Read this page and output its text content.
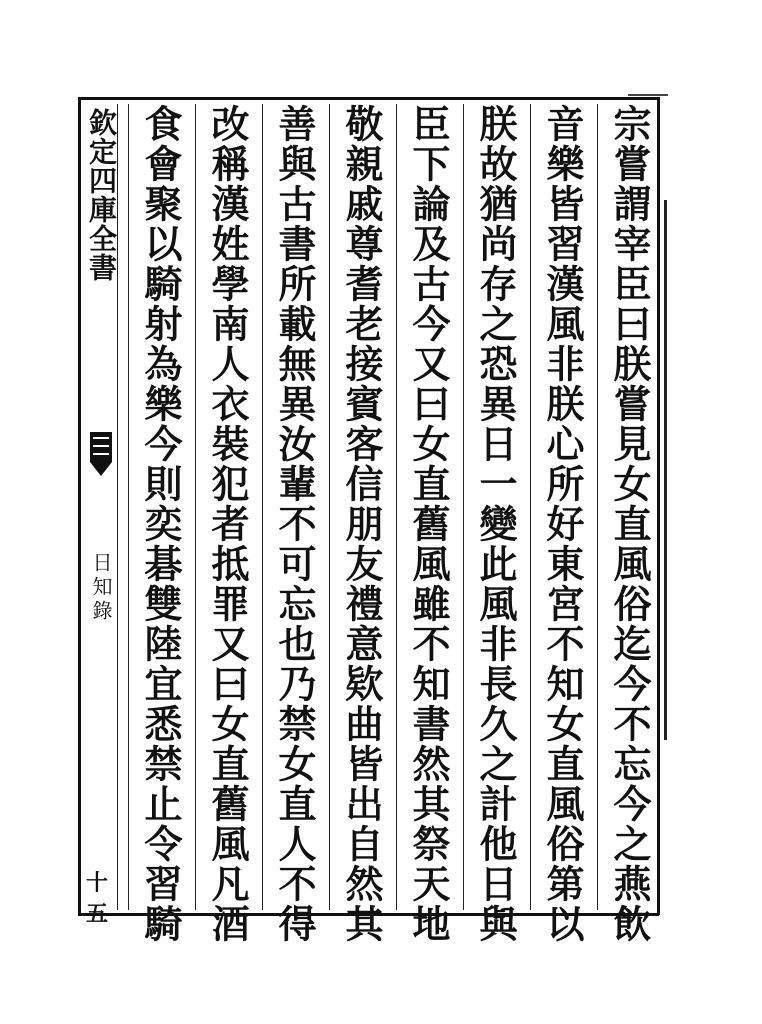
欽定四庫全書
日知錄
十五	宗嘗謂宰臣曰朕嘗見女直風俗迄今不忘今之燕飲
音樂皆習漢風非朕心所好東宮不知女直風俗第以
朕故猶尚存之恐異日一變此風非長久之計他日與
臣下論及古今又曰女直舊風雖不知書然其祭天地
敬親戚尊耆老接賓客信朋友禮意欵曲皆出自然其
善與古書所載無異汝輩不可忘也乃禁女直人不得
改稱漢姓學南人衣裝犯者抵罪又曰女直舊風凡酒
食會聚以騎射為樂今則奕碁雙陸宜悉禁止令習騎
